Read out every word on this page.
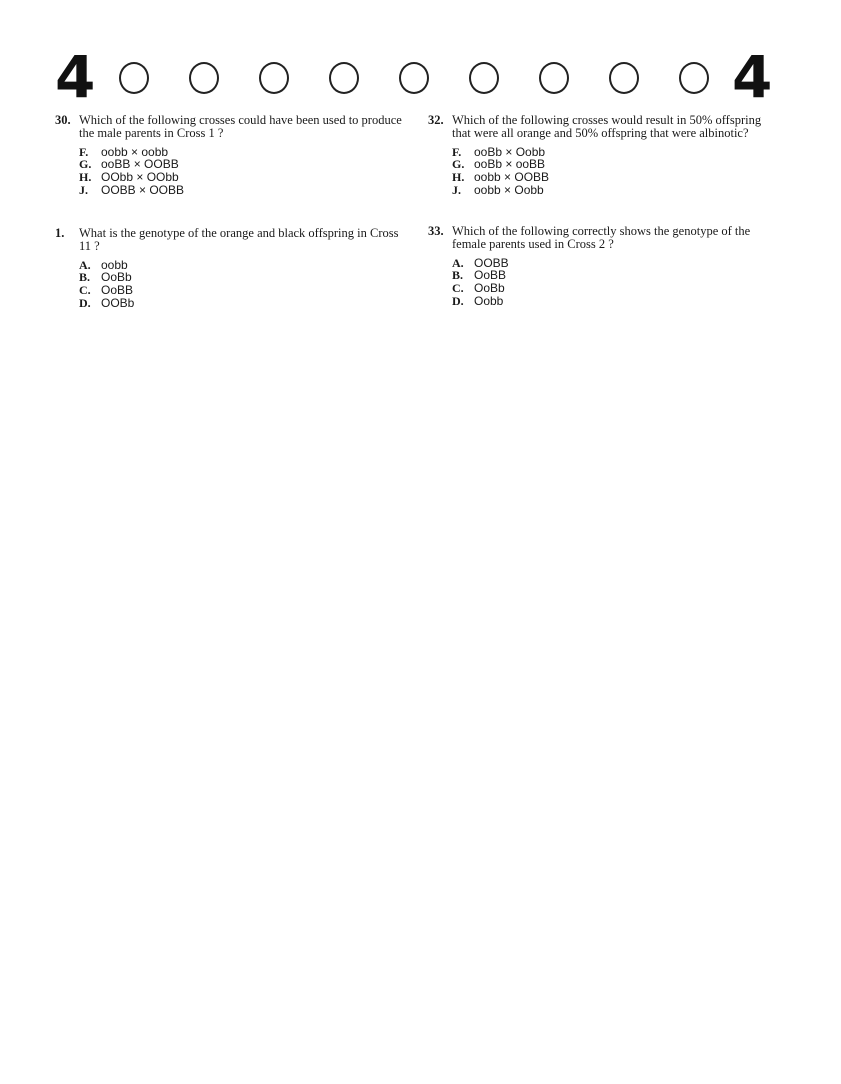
4	4
30. Which of the following crosses could have been used to produce the male parents in Cross 1 ?
F. oobb × oobb
G. ooBB × OOBB
H. OObb × OObb
J. OOBB × OOBB
1. What is the genotype of the orange and black offspring in Cross 11 ?
A. oobb
B. OoBb
C. OoBB
D. OOBb
32. Which of the following crosses would result in 50% offspring that were all orange and 50% offspring that were albinotic?
F. ooBb × Oobb
G. ooBb × ooBB
H. oobb × OOBB
J. oobb × Oobb
33. Which of the following correctly shows the genotype of the female parents used in Cross 2 ?
A. OOBB
B. OoBB
C. OoBb
D. Oobb
